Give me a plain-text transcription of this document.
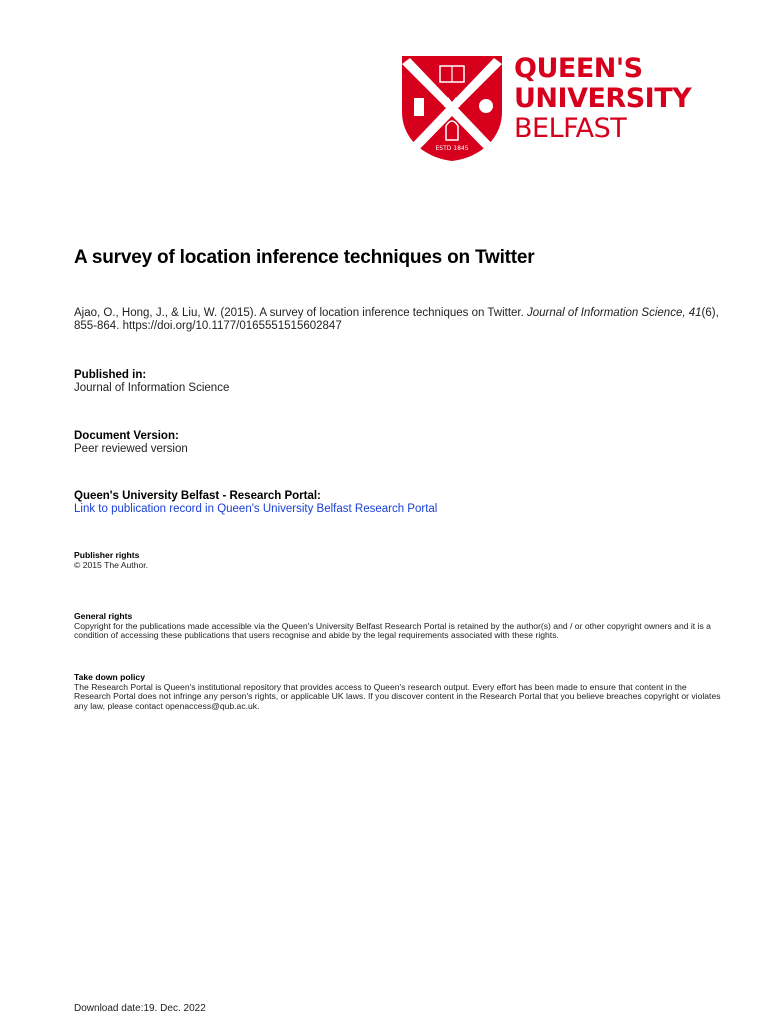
ESTD 1845
QUEEN'S
UNIVERSITY
BELFAST
A survey of location inference techniques on Twitter
Ajao, O., Hong, J., & Liu, W. (2015). A survey of location inference techniques on Twitter. Journal of Information Science, 41(6), 855-864. https://doi.org/10.1177/0165551515602847
Published in:
Journal of Information Science
Document Version:
Peer reviewed version
Queen's University Belfast - Research Portal:
Link to publication record in Queen's University Belfast Research Portal
Publisher rights
© 2015 The Author.
General rights
Copyright for the publications made accessible via the Queen's University Belfast Research Portal is retained by the author(s) and / or other copyright owners and it is a condition of accessing these publications that users recognise and abide by the legal requirements associated with these rights.
Take down policy
The Research Portal is Queen's institutional repository that provides access to Queen's research output. Every effort has been made to ensure that content in the Research Portal does not infringe any person's rights, or applicable UK laws. If you discover content in the Research Portal that you believe breaches copyright or violates any law, please contact openaccess@qub.ac.uk.
Download date:19. Dec. 2022
